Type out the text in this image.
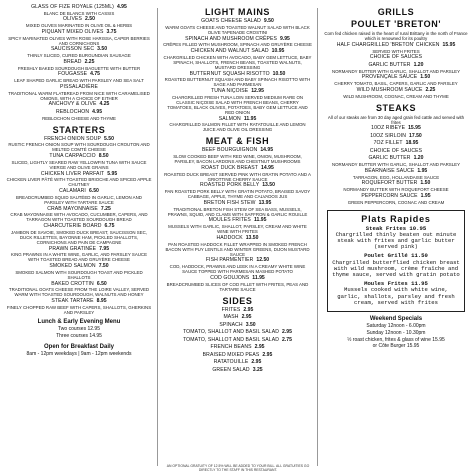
GLASS OF FIZE ROYALE (125ML) 4.95
BLANC DE BLANCS WITH CASSIS
OLIVES 2.50
MIXED OLIVES MARINATED IN OLIVE OIL & HERBS
PIQUANT MIXED OLIVES 3.75
SPICY MARINATED OLIVES WITH ROSE HARISSA, CAPER BERRIES AND CORNICHONS
SAUCISSON SEC 3.50
THINLY SLICED, CURED BURGUNDIAN SAUSAGE
BREAD 2.25
FRESHLY BAKED SOURDOUGH BAGUETTE WITH BUTTER
FOUGASSE 4.75
LEAF SHAPED GARLIC BREAD WITH PARSLEY AND SEA SALT
PISSALADIÈRE
TRADITIONAL WARM FLATBREAD FROM NICE WITH CARAMELISED ONIONS, WITH A CHOICE OF EITHER
ANCHOVY & OLIVE 4.25
REBLOCHON 4.95
REBLOCHON CHEESE AND THYME
STARTERS
FRENCH ONION SOUP 5.50
RUSTIC FRENCH ONION SOUP WITH SOURDOUGH CROUTON AND MELTED COMTÉ CHEESE
TUNA CARPACCIO 8.50
SLICED, LIGHTLY SEARED RAW YELLOWFIN TUNA WITH SAUCE VIERGE AND OLIVE GRAINS
CHICKEN LIVER PARFAIT 5.95
CHICKEN LIVER PÂTÉ WITH TOASTED BRIOCHE AND SPICED APPLE CHUTNEY
CALAMARI 6.50
BREADCRUMBED SQUID SAUTÉED IN GARLIC, LEMON AND PARSLEY WITH TARTARE SAUCE
CRAB MAYONNAISE 7.25
CRAB MAYONNAISE WITH AVOCADO, CUCUMBER, CAPERS, AND TARRAGON WITH TOASTED SOURDOUGH BREAD
CHARCUTERIE BOARD 6.75
JAMBON DE SAVOIE, SMOKED DUCK BREAST, SAUCISSON SEC, DUCK RILLETTES, BAYONNE HAM, PICKLED SHALLOTS, CORNICHONS AND PAIN DE CAMPAGNE
PRAWN GRATINÉE 7.95
KING PRAWNS IN A WHITE WINE, GARLIC, AND PARSLEY SAUCE WITH TOASTED BREAD AND GRUYÈRE CHEESE
SMOKED SALMON 7.50
SMOKED SALMON WITH SOURDOUGH TOAST AND PICKLED SHALLOTS
BAKED CROTTIN 6.50
TRADITIONAL GOATS CHEESE FROM THE LOIRE VALLEY, SERVED WARM WITH TOASTED SOURDOUGH, WALNUTS AND HONEY
STEAK TARTARE 8.95
FINELY CHOPPED RAW BEEF WITH CAPERS, SHALLOTS, GHERKINS AND PARSLEY
Lunch & Early Evening Menu
Two courses 12.95
Three courses 14.95
Open for Breakfast Daily
8am - 12pm weekdays | 9am - 12pm weekends
LIGHT MAINS
GOATS CHEESE SALAD 9.50
WARM GOATS CHEESE AND TOASTED WALNUT SALAD WITH BLACK OLIVE TAPENADE CROSTINI
SPINACH AND MUSHROOM CRÊPES 9.95
CRÊPES FILLED WITH MUSHROOM, SPINACH AND GRUYÈRE CHEESE
CHICKEN AND WALNUT SALAD 10.95
CHARGRILLED CHICKEN WITH AVOCADO, BABY GEM LETTUCE, BABY SPINACH, SHALLOTS, FRENCH BEANS, TOASTED WALNUTS, MUSTARD DRESSING
BUTTERNUT SQUASH RISOTTO 10.50
ROASTED BUTTERNUT SQUASH AND BABY SPINACH RISOTTO WITH SAGE AND PARMESAN
TUNA NIÇOISE 12.95
CHARGRILLED FRESH TUNA LOIN SERVED MEDIUM RARE ON CLASSIC NIÇOISE SALAD WITH FRENCH BEANS, CHERRY TOMATOES, BLACK OLIVES, POTATOES, BABY GEM LETTUCE AND RED ONION
SALMON 11.95
CHARGRILLED SALMON FILLET WITH RATATOUILLE AND LEMON JUICE AND OLIVE OIL DRESSING
MEAT & FISH
BEEF BOURGUIGNON 14.95
SLOW COOKED BEEF WITH RED WINE, ONION, MUSHROOM, PARSLEY, BACON LARDONS AND CHESTNUT MUSHROOMS
ROAST DUCK BREAST 14.95
ROASTED DUCK BREAST SERVED PINK WITH GRATIN POTATO AND A GRIOTTINE CHERRY SAUCE
ROASTED PORK BELLY 13.50
PAN ROASTED PORK BELLY WITH GRATIN POTATO, BRAISED SAVOY CABBAGE, APPLE, THYME AND CALVADOS JUS
BRETON FISH STEW 13.95
TRADITIONAL BRETON FISH STEW OF SEA BASS, MUSSELS, PRAWNS, SQUID, AND CLAMS WITH SAFFRON & GARLIC ROUILLE
MOULES FRITES 11.95
MUSSELS WITH GARLIC, SHALLOT, PARSLEY, CREAM AND WHITE WINE WITH FRITES
HADDOCK 13.50
PAN ROASTED HADDOCK FILLET WRAPPED IN SMOKED FRENCH BACON WITH PUY LENTILS AND WINTER GREENS, DIJON MUSTARD SAUCE
FISH PARMENTIER 12.50
COD, HADDOCK, PRAWNS AND LEEK IN A CREAMY WHITE WINE SAUCE TOPPED WITH PARMESAN MASHED POTATO
COD GOUJONS 11.95
BREADCRUMBED SLICES OF COD FILLET WITH FRITES, PEAS AND TARTARE SAUCE
SIDES
FRITES 2.95
MASH 2.95
SPINACH 3.50
TOMATO, SHALLOT AND BASIL SALAD 2.95
TOMATO, SHALLOT AND BASIL SALAD 2.75
FRENCH BEANS 2.95
BRAISED MIXED PEAS 2.95
RATATOUILLE 2.95
GREEN SALAD 3.25
AN OPTIONAL GRATUITY OF 12.5% WILL BE ADDED TO YOUR BILL. ALL GRATUITIES GO DIRECTLY TO THE STAFF IN THIS RESTAURANT.
GRILLS
POULET 'BRETON'
Corn fed chicken raised in the heart of rural Brittany in the north of France which is renowned for its poultry
HALF CHARGRILLED 'BRETON' CHICKEN 15.95
SERVED WITH FRITES
CHOICE OF SAUCES
GARLIC BUTTER 1.20
NORMANDY BUTTER WITH GARLIC, SHALLOT AND PARSLEY
PROVENÇALE SAUCE 1.50
CHERRY TOMATO, BASIL, CAPERS, GARLIC AND PARSLEY
WILD MUSHROOM SAUCE 2.25
WILD MUSHROOM, COGNAC, CREAM AND THYME
STEAKS
All of our steaks are from 30 day aged grain fed cattle and served with frites
10OZ RIBEYE 15.95
10OZ SIRLOIN 17.50
7OZ FILLET 18.95
CHOICE OF SAUCES
GARLIC BUTTER 1.20
NORMANDY BUTTER WITH GARLIC, SHALLOT AND PARSLEY
BÉARNAISE SAUCE 1.95
TARRAGON, EGG, HOLLANDAISE SAUCE
ROQUEFORT BUTTER 1.50
NORMANDY BUTTER WITH ROQUEFORT CHEESE
PEPPERCORN SAUCE 1.95
GREEN PEPPERCORN, COGNAC AND CREAM
Plats Rapides
Steak Frites 10.95
Chargrilled thinly beaten out minute steak with frites and garlic butter (served pink)
Poulet Grillé 11.50
Chargrilled butterflied chicken breast with wild mushroom, crème fraîche and thyme sauce, served with gratin potato
Moules Frites 11.95
Mussels cooked with white wine, garlic, shallots, parsley and fresh cream, served with frites
Weekend Specials
Saturday 12noon - 6.00pm
Sunday 12noon - 10.30pm
½ roast chicken, frites & glass of wine 15.95
or Côte Burger 15.95
